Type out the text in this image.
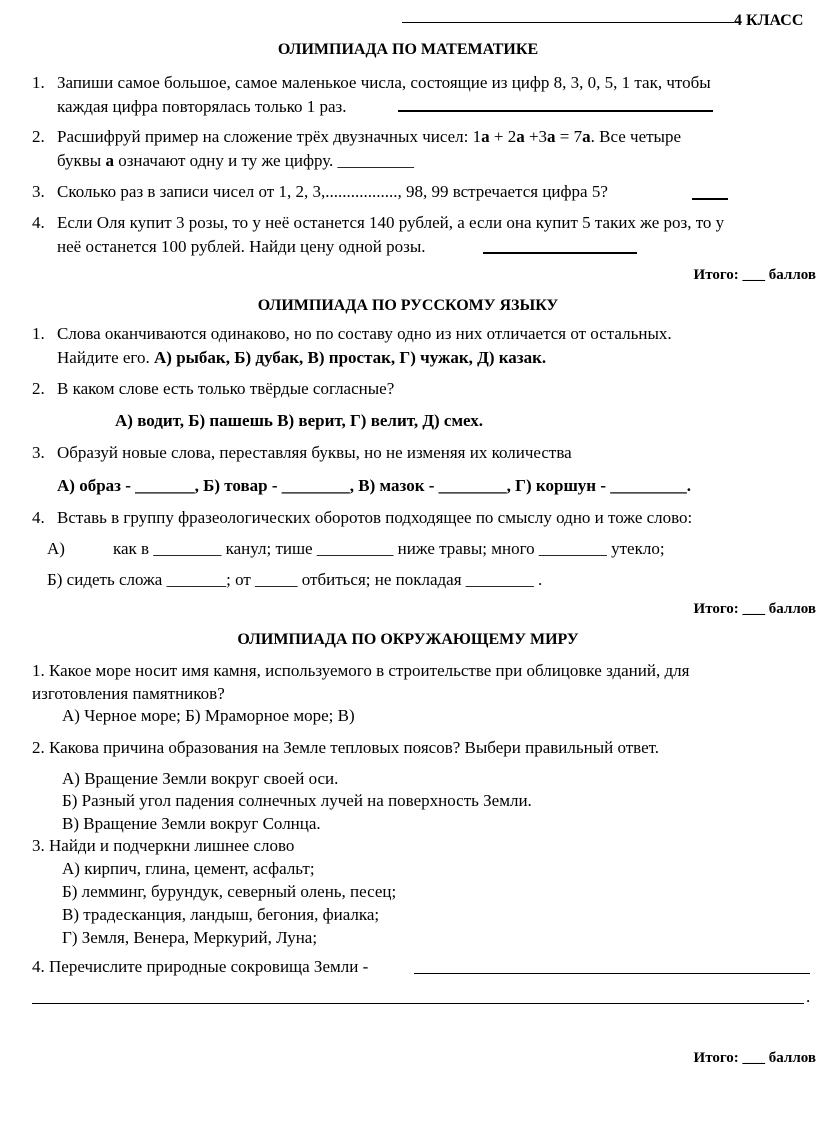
4 КЛАСС
ОЛИМПИАДА ПО МАТЕМАТИКЕ
1. Запиши самое большое, самое маленькое числа, состоящие из цифр 8, 3, 0, 5, 1 так, чтобы
каждая цифра повторялась только 1 раз.
2. Расшифруй пример на сложение трёх двузначных чисел: 1а + 2а +3а = 7а. Все четыре
буквы а означают одну и ту же цифру. _________
3. Сколько раз в записи чисел от 1, 2, 3,................., 98, 99 встречается цифра 5?
4. Если Оля купит 3 розы, то у неё останется 140 рублей, а если она купит 5 таких же роз, то у
неё останется 100 рублей. Найди цену одной розы.
Итого: ___ баллов
ОЛИМПИАДА ПО РУССКОМУ ЯЗЫКУ
1. Слова оканчиваются одинаково, но по составу одно из них отличается от остальных.
Найдите его. А) рыбак, Б) дубак, В) простак, Г) чужак, Д) казак.
2. В каком слове есть только твёрдые согласные?
А) водит, Б) пашешь В) верит, Г) велит, Д) смех.
3. Образуй новые слова, переставляя буквы, но не изменяя их количества
А) образ - _______, Б) товар - ________, В) мазок - ________, Г) коршун - _________.
4. Вставь в группу фразеологических оборотов подходящее по смыслу одно и тоже слово:
А)	как в ________ канул; тише _________ ниже травы; много ________ утекло;
Б) сидеть сложа _______; от _____ отбиться; не покладая ________ .
Итого: ___ баллов
ОЛИМПИАДА ПО ОКРУЖАЮЩЕМУ МИРУ
1. Какое море носит имя камня, используемого в строительстве при облицовке зданий, для
изготовления памятников?
А) Черное море; Б) Мраморное море; В)
2. Какова причина образования на Земле тепловых поясов? Выбери правильный ответ.
А) Вращение Земли вокруг своей оси.
Б) Разный угол падения солнечных лучей на поверхность Земли.
В) Вращение Земли вокруг Солнца.
3. Найди и подчеркни лишнее слово
А) кирпич, глина, цемент, асфальт;
Б) лемминг, бурундук, северный олень, песец;
В) традесканция, ландыш, бегония, фиалка;
Г) Земля, Венера, Меркурий, Луна;
4. Перечислите природные сокровища Земли -
.
Итого: ___ баллов
